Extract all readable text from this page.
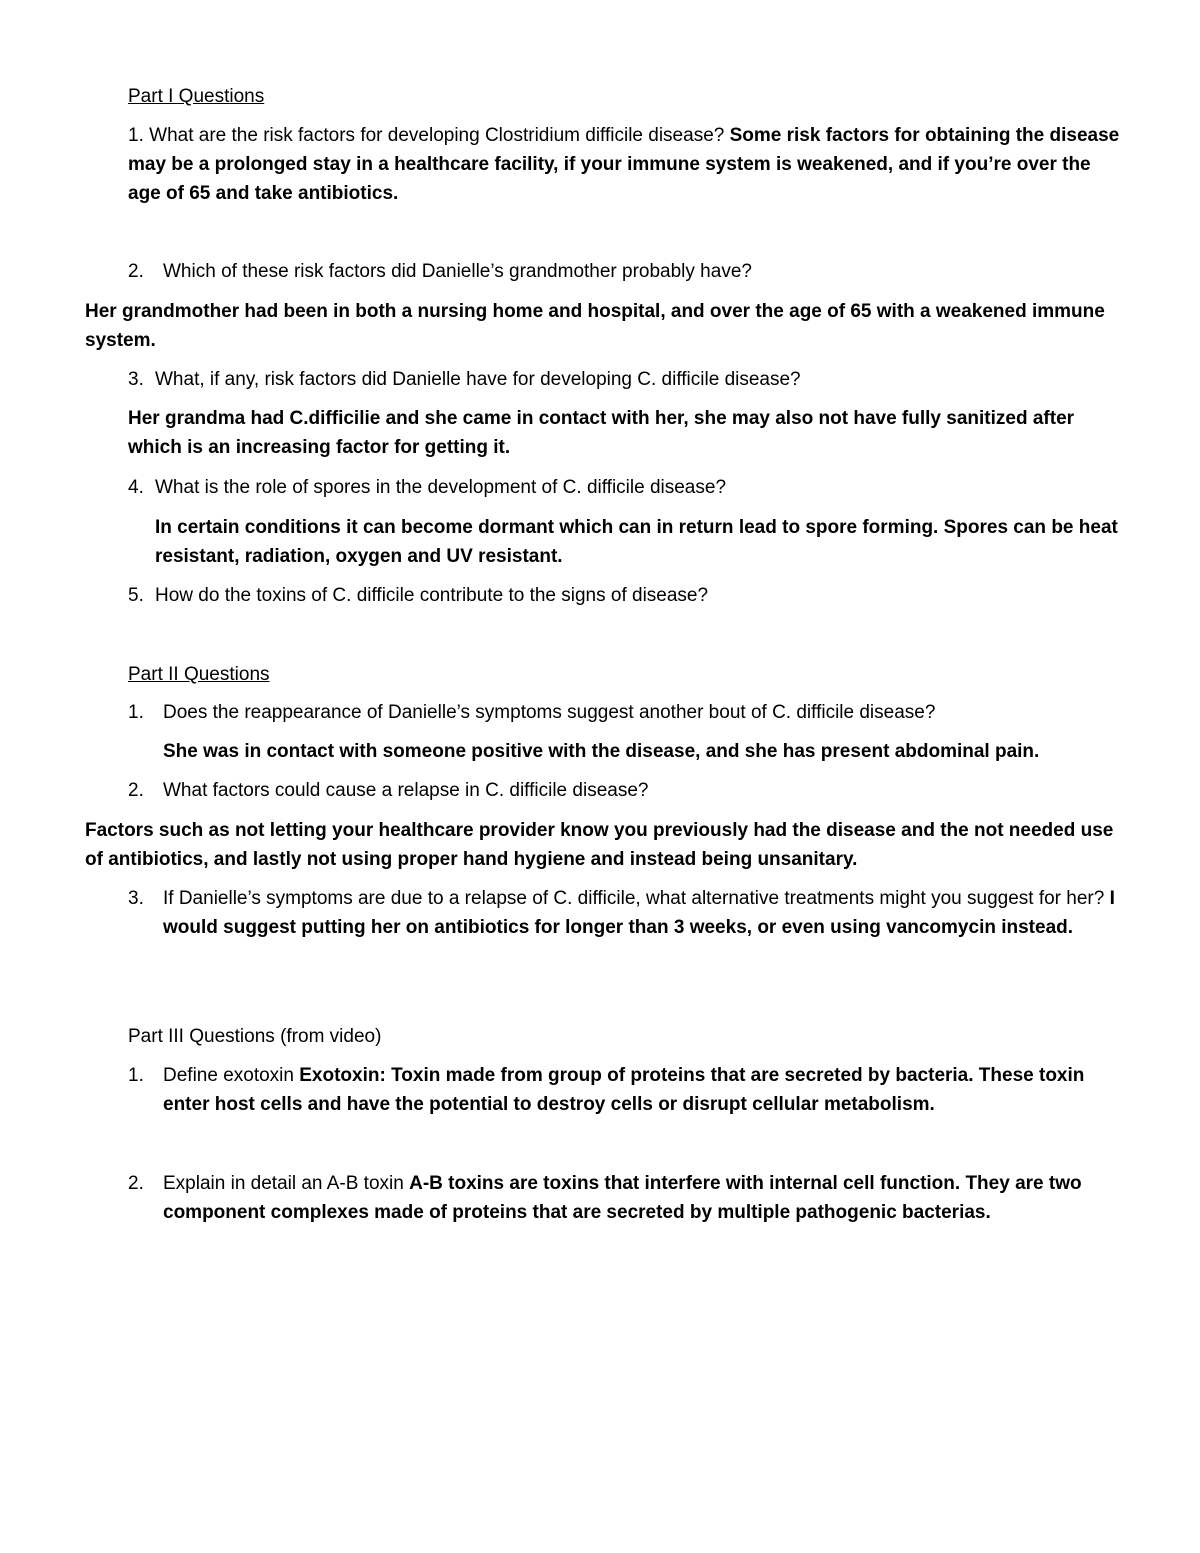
Part I Questions
1. What are the risk factors for developing Clostridium difficile disease? Some risk factors for obtaining the disease may be a prolonged stay in a healthcare facility, if your immune system is weakened, and if you’re over the age of 65 and take antibiotics.
2. Which of these risk factors did Danielle’s grandmother probably have?
Her grandmother had been in both a nursing home and hospital, and over the age of 65 with a weakened immune system.
3. What, if any, risk factors did Danielle have for developing C. difficile disease?
Her grandma had C.difficilie and she came in contact with her, she may also not have fully sanitized after which is an increasing factor for getting it.
4. What is the role of spores in the development of C. difficile disease?
In certain conditions it can become dormant which can in return lead to spore forming. Spores can be heat resistant, radiation, oxygen and UV resistant.
5. How do the toxins of C. difficile contribute to the signs of disease?
Part II Questions
1. Does the reappearance of Danielle’s symptoms suggest another bout of C. difficile disease?
She was in contact with someone positive with the disease, and she has present abdominal pain.
2. What factors could cause a relapse in C. difficile disease?
Factors such as not letting your healthcare provider know you previously had the disease and the not needed use of antibiotics, and lastly not using proper hand hygiene and instead being unsanitary.
3. If Danielle’s symptoms are due to a relapse of C. difficile, what alternative treatments might you suggest for her? I would suggest putting her on antibiotics for longer than 3 weeks, or even using vancomycin instead.
Part III Questions (from video)
1. Define exotoxin Exotoxin: Toxin made from group of proteins that are secreted by bacteria. These toxin enter host cells and have the potential to destroy cells or disrupt cellular metabolism.
2. Explain in detail an A-B toxin A-B toxins are toxins that interfere with internal cell function. They are two component complexes made of proteins that are secreted by multiple pathogenic bacterias.
